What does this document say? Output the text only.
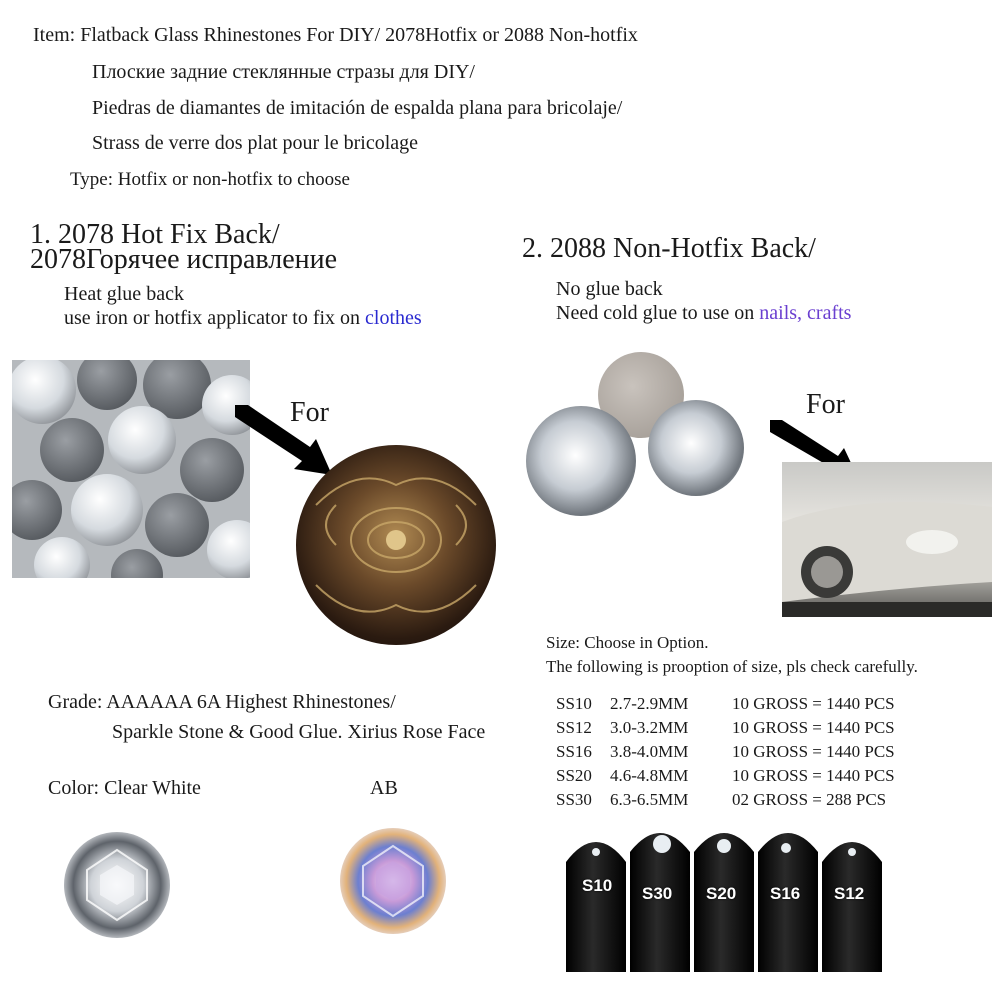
Item: Flatback Glass Rhinestones For DIY/ 2078Hotfix or 2088 Non-hotfix
Плоские задние стеклянные стразы для DIY/
Piedras de diamantes de imitación de espalda plana para bricolaje/
Strass de verre dos plat pour le bricolage
Type: Hotfix or non-hotfix to choose
1. 2078 Hot Fix Back/
2078Горячее исправление
Heat glue back
use iron or hotfix applicator to fix on clothes
For
2. 2088 Non-Hotfix Back/
No glue back
Need cold glue to use on nails, crafts
For
Size: Choose in Option.
The following is prooption of size, pls check carefully.
SS10	2.7-2.9MM	10 GROSS = 1440 PCS
SS12	3.0-3.2MM	10 GROSS = 1440 PCS
SS16	3.8-4.0MM	10 GROSS = 1440 PCS
SS20	4.6-4.8MM	10 GROSS = 1440 PCS
SS30	6.3-6.5MM	02 GROSS = 288 PCS
Grade: AAAAAA 6A Highest Rhinestones/
Sparkle Stone & Good Glue. Xirius Rose Face
Color: Clear White	AB
S10 S30 S20 S16 S12
